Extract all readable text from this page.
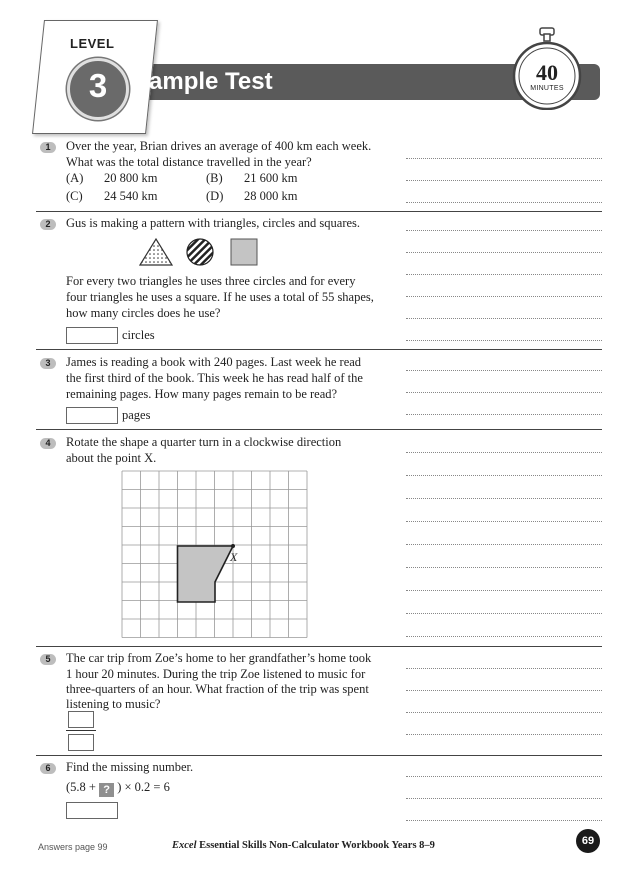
LEVEL
3	Sample Test	40
MINUTES
1	Over the year, Brian drives an average of 400 km each week.
What was the total distance travelled in the year?
(A) 20 800 km	(B) 21 600 km
(C) 24 540 km	(D) 28 000 km
2	Gus is making a pattern with triangles, circles and squares.
For every two triangles he uses three circles and for every
four triangles he uses a square. If he uses a total of 55 shapes,
how many circles does he use?
circles
3	James is reading a book with 240 pages. Last week he read
the first third of the book. This week he has read half of the
remaining pages. How many pages remain to be read?
pages
4	Rotate the shape a quarter turn in a clockwise direction
about the point X.
X
5	The car trip from Zoe’s home to her grandfather’s home took
1 hour 20 minutes. During the trip Zoe listened to music for
three-quarters of an hour. What fraction of the trip was spent
listening to music?
6	Find the missing number.
(5.8 + ? ) × 0.2 = 6
Answers page 99	Excel Essential Skills Non-Calculator Workbook Years 8–9	69
